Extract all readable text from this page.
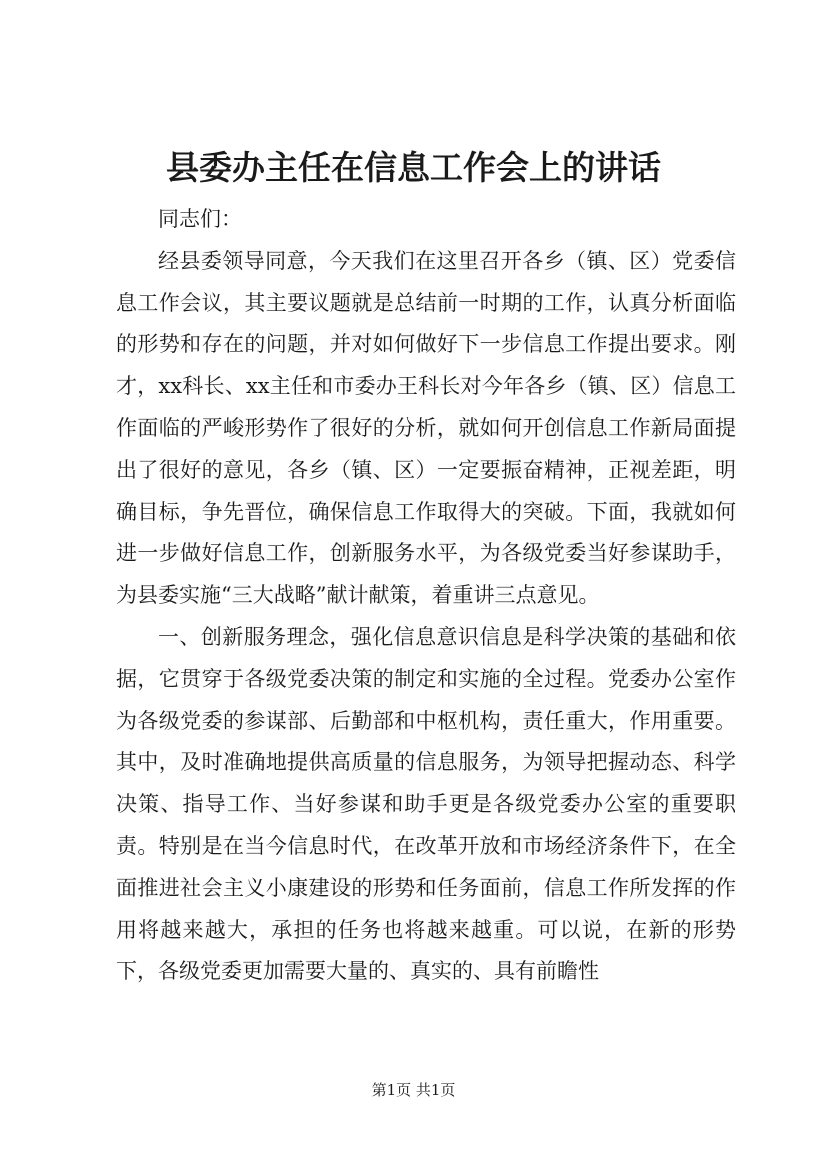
县委办主任在信息工作会上的讲话

同志们：

经县委领导同意，今天我们在这里召开各乡（镇、区）党委信息工作会议，其主要议题就是总结前一时期的工作，认真分析面临的形势和存在的问题，并对如何做好下一步信息工作提出要求。刚才，xx科长、xx主任和市委办王科长对今年各乡（镇、区）信息工作面临的严峻形势作了很好的分析，就如何开创信息工作新局面提出了很好的意见，各乡（镇、区）一定要振奋精神，正视差距，明确目标，争先晋位，确保信息工作取得大的突破。下面，我就如何进一步做好信息工作，创新服务水平，为各级党委当好参谋助手，为县委实施“三大战略”献计献策，着重讲三点意见。

一、创新服务理念，强化信息意识信息是科学决策的基础和依据，它贯穿于各级党委决策的制定和实施的全过程。党委办公室作为各级党委的参谋部、后勤部和中枢机构，责任重大，作用重要。其中，及时准确地提供高质量的信息服务，为领导把握动态、科学决策、指导工作、当好参谋和助手更是各级党委办公室的重要职责。特别是在当今信息时代，在改革开放和市场经济条件下，在全面推进社会主义小康建设的形势和任务面前，信息工作所发挥的作用将越来越大，承担的任务也将越来越重。可以说，在新的形势下，各级党委更加需要大量的、真实的、具有前瞻性

第1页 共1页
